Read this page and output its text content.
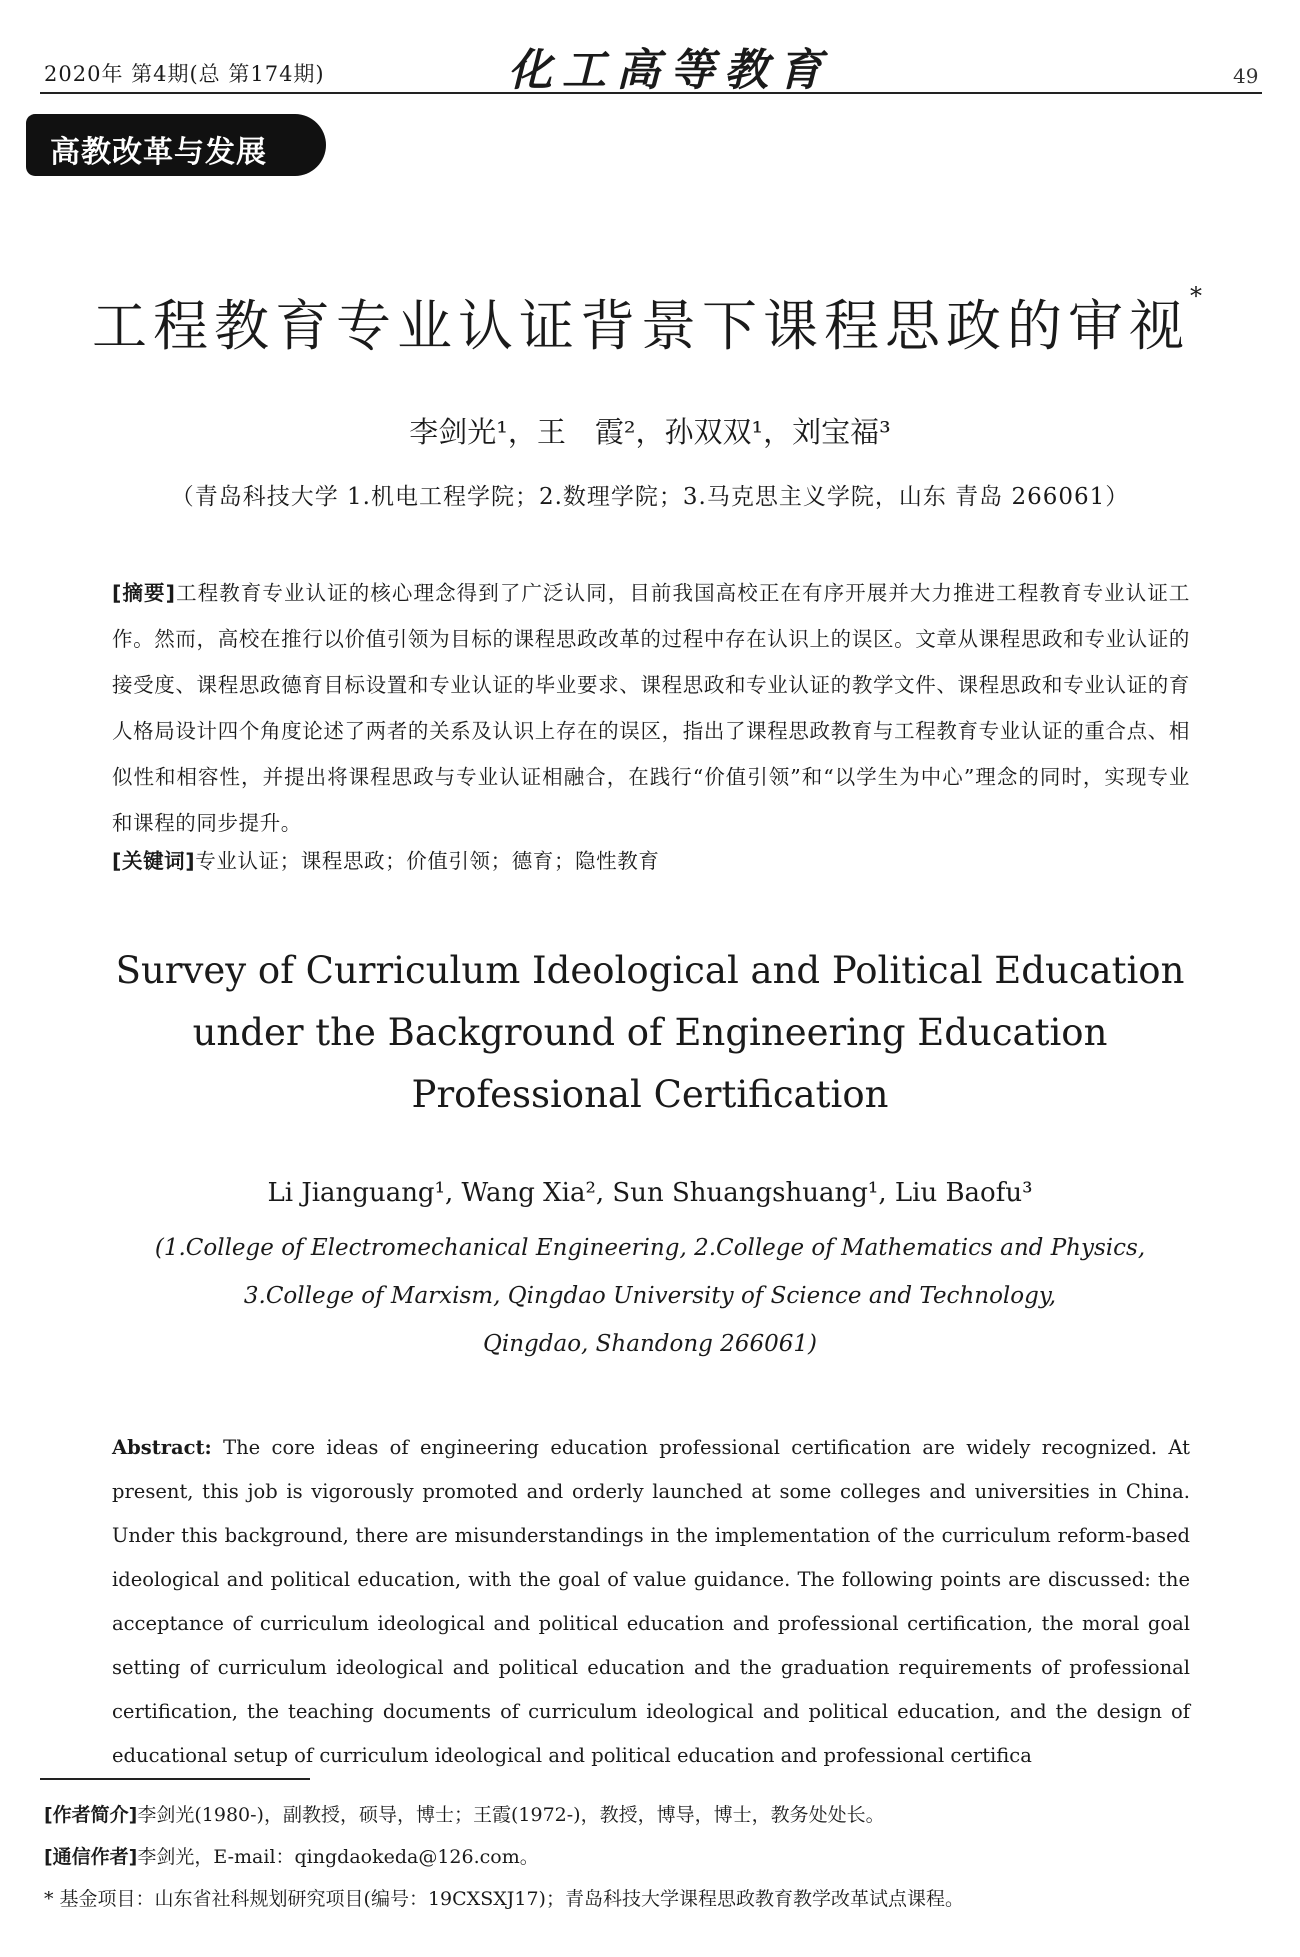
2020年 第4期(总 第174期)	化工高等教育	49
高教改革与发展
工程教育专业认证背景下课程思政的审视*
李剑光¹，王　霞²，孙双双¹，刘宝福³
（青岛科技大学 1.机电工程学院；2.数理学院；3.马克思主义学院，山东 青岛 266061）
[摘要]工程教育专业认证的核心理念得到了广泛认同，目前我国高校正在有序开展并大力推进工程教育专业认证工作。然而，高校在推行以价值引领为目标的课程思政改革的过程中存在认识上的误区。文章从课程思政和专业认证的接受度、课程思政德育目标设置和专业认证的毕业要求、课程思政和专业认证的教学文件、课程思政和专业认证的育人格局设计四个角度论述了两者的关系及认识上存在的误区，指出了课程思政教育与工程教育专业认证的重合点、相似性和相容性，并提出将课程思政与专业认证相融合，在践行“价值引领”和“以学生为中心”理念的同时，实现专业和课程的同步提升。
[关键词]专业认证；课程思政；价值引领；德育；隐性教育
Survey of Curriculum Ideological and Political Education
under the Background of Engineering Education
Professional Certification
Li Jianguang¹, Wang Xia², Sun Shuangshuang¹, Liu Baofu³
(1.College of Electromechanical Engineering, 2.College of Mathematics and Physics,
3.College of Marxism, Qingdao University of Science and Technology,
Qingdao, Shandong 266061)
Abstract: The core ideas of engineering education professional certification are widely recognized. At present, this job is vigorously promoted and orderly launched at some colleges and universities in China. Under this background, there are misunderstandings in the implementation of the curriculum reform-based ideological and political education, with the goal of value guidance. The following points are discussed: the acceptance of curriculum ideological and political education and professional certification, the moral goal setting of curriculum ideological and political education and the graduation requirements of professional certification, the teaching documents of curriculum ideological and political education, and the design of educational setup of curriculum ideological and political education and professional certifica
[作者简介]李剑光(1980-)，副教授，硕导，博士；王霞(1972-)，教授，博导，博士，教务处处长。
[通信作者]李剑光，E-mail：qingdaokeda@126.com。
* 基金项目：山东省社科规划研究项目(编号：19CXSXJ17)；青岛科技大学课程思政教育教学改革试点课程。
